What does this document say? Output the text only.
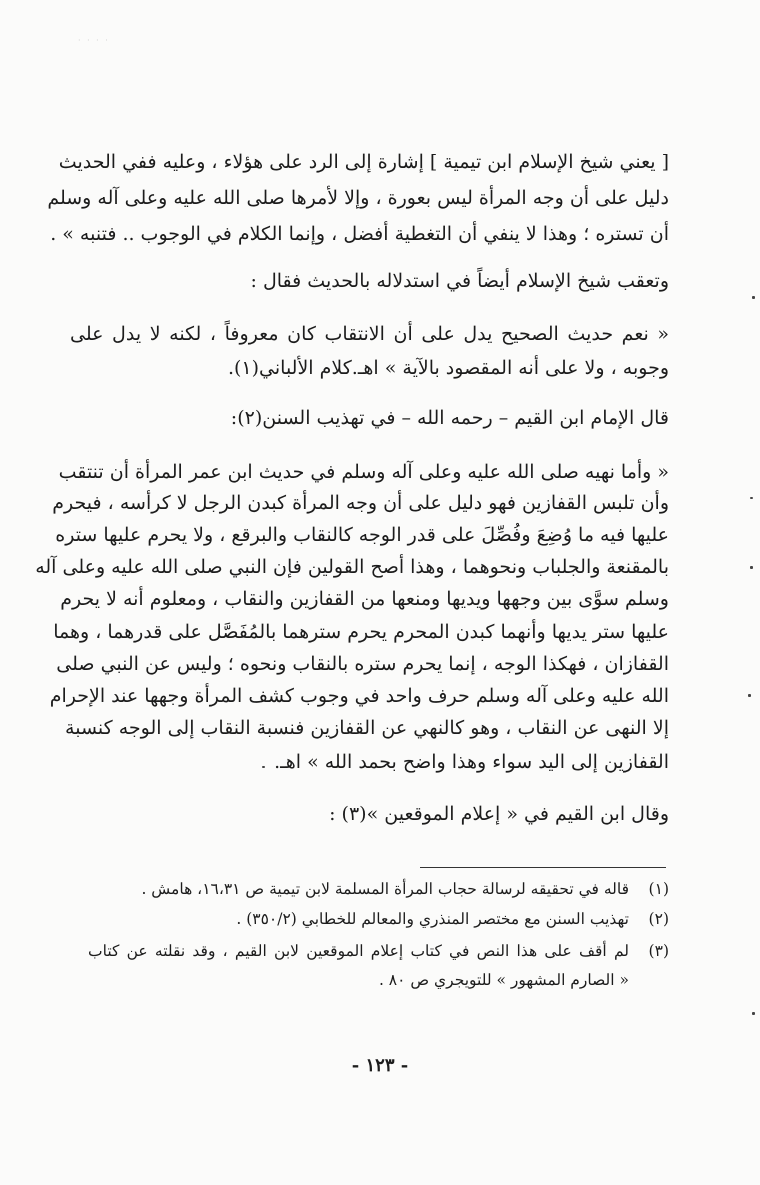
· · · ·
[ يعني شيخ الإسلام ابن تيمية ] إشارة إلى الرد على هؤلاء ، وعليه ففي الحديث
دليل على أن وجه المرأة ليس بعورة ، وإلا لأمرها صلى الله عليه وعلى آله وسلم
أن تستره ؛ وهذا لا ينفي أن التغطية أفضل ، وإنما الكلام في الوجوب .. فتنبه » .
وتعقب شيخ الإسلام أيضاً في استدلاله بالحديث فقال :
« نعم حديث الصحيح يدل على أن الانتقاب كان معروفاً ، لكنه لا يدل على
وجوبه ، ولا على أنه المقصود بالآية » اهـ.كلام الألباني(١).
قال الإمام ابن القيم – رحمه الله – في تهذيب السنن(٢):
« وأما نهيه صلى الله عليه وعلى آله وسلم في حديث ابن عمر المرأة أن تنتقب
وأن تلبس القفازين فهو دليل على أن وجه المرأة كبدن الرجل لا كرأسه ، فيحرم
عليها فيه ما وُضِعَ وفُصِّلَ على قدر الوجه كالنقاب والبرقع ، ولا يحرم عليها ستره
بالمقنعة والجلباب ونحوهما ، وهذا أصح القولين فإن النبي صلى الله عليه وعلى آله
وسلم سوَّى بين وجهها ويديها ومنعها من القفازين والنقاب ، ومعلوم أنه لا يحرم
عليها ستر يديها وأنهما كبدن المحرم يحرم سترهما بالمُفَصَّل على قدرهما ، وهما
القفازان ، فهكذا الوجه ، إنما يحرم ستره بالنقاب ونحوه ؛ وليس عن النبي صلى
الله عليه وعلى آله وسلم حرف واحد في وجوب كشف المرأة وجهها عند الإحرام
إلا النهى عن النقاب ، وهو كالنهي عن القفازين فنسبة النقاب إلى الوجه كنسبة
القفازين إلى اليد سواء وهذا واضح بحمد الله » اهـ.
وقال ابن القيم في « إعلام الموقعين »(٣) :
(١)
قاله في تحقيقه لرسالة حجاب المرأة المسلمة لابن تيمية ص ١٦،٣١، هامش .
(٢)
تهذيب السنن مع مختصر المنذري والمعالم للخطابي (٣٥٠/٢) .
(٣)
لم أقف على هذا النص في كتاب إعلام الموقعين لابن القيم ، وقد نقلته عن كتاب
« الصارم المشهور » للتويجري ص ٨٠ .
- ١٢٣ -
